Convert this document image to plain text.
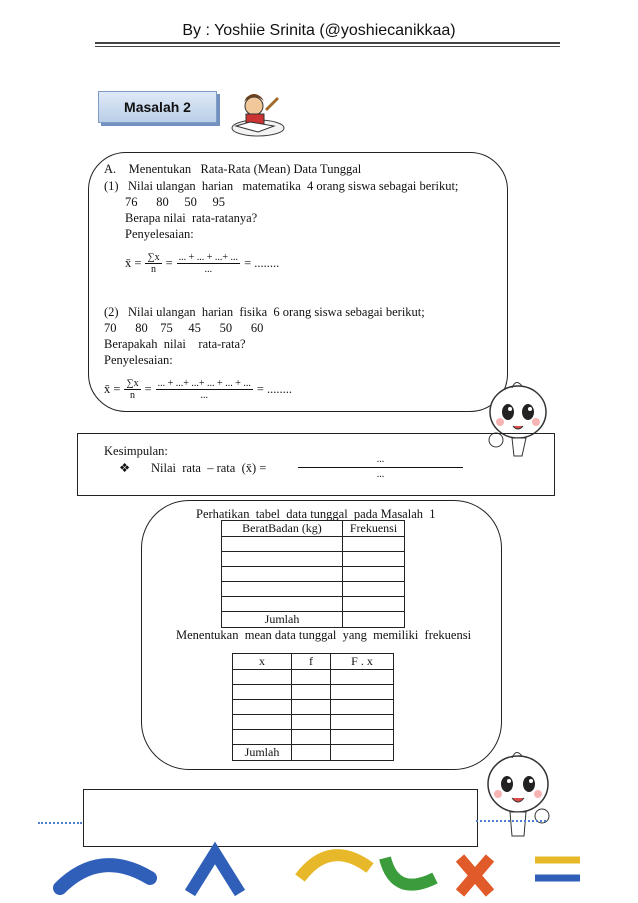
By : Yoshiie Srinita (@yoshiecanikkaa)
Masalah 2
A.    Menentukan   Rata-Rata (Mean) Data Tunggal
(1)   Nilai ulangan  harian   matematika  4 orang siswa sebagai berikut;
76      80     50     95
Berapa nilai  rata-ratanya?
Penyelesaian:
x̄ = $\frac{\sum x}{n} = \frac{... + ... + ...+ ...}{...}$ = ........
(2)   Nilai ulangan  harian  fisika  6 orang siswa sebagai berikut;
70      80    75     45      50      60
Berapakah  nilai    rata-rata?
Penyelesaian:
x̄ = $\frac{\sum x}{n} = \frac{... + ...+ ...+ ... + ... + ...}{...}$ = ........
Kesimpulan:
❖ Nilai  rata  – rata  (x̄) =
...
...
Perhatikan  tabel  data tunggal  pada Masalah  1
BeratBadan (kg)	Frekuensi

Jumlah	
Menentukan  mean data tunggal  yang  memiliki  frekuensi
x	f	F . x

Jumlah		
